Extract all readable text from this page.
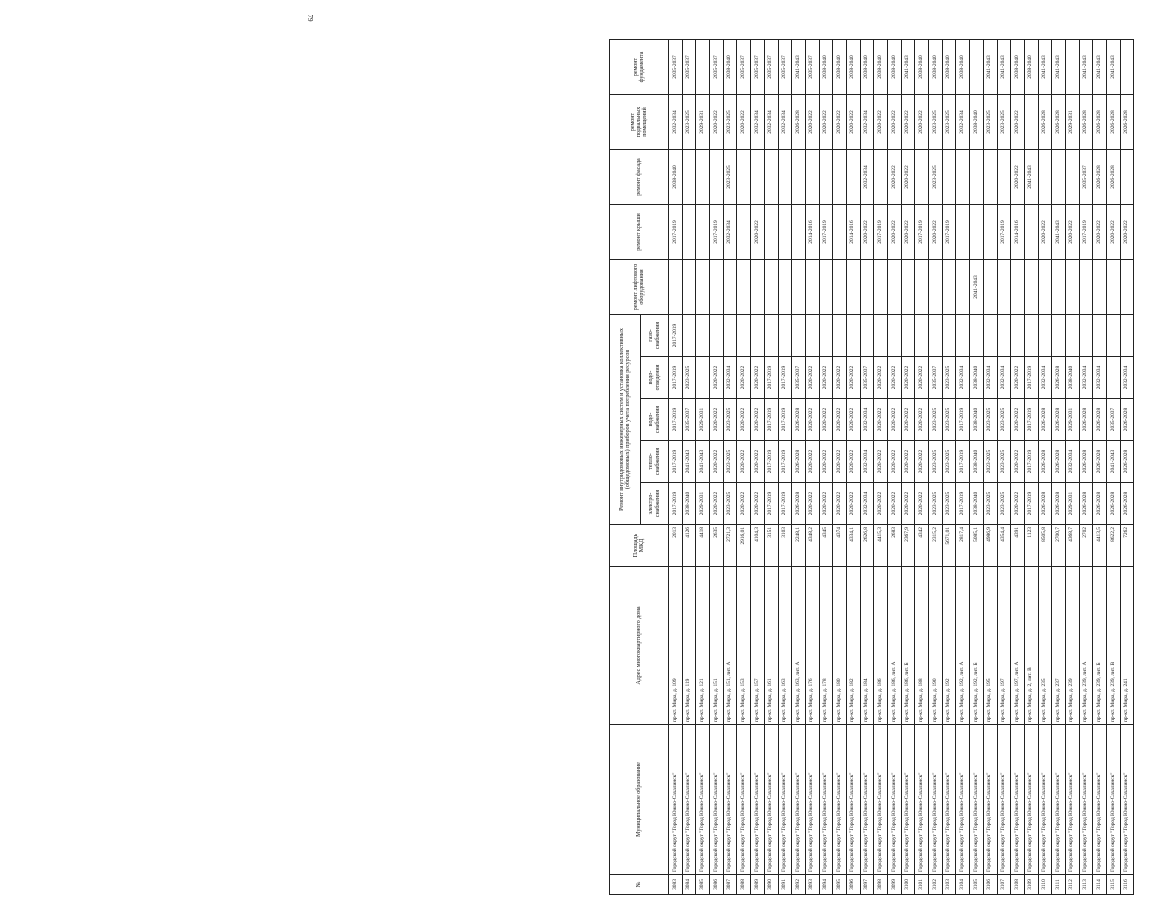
79
№	Муниципальное образование	Адрес многоквартирного дома	Площадь МКД	Ремонт внутридомовых инженерных систем и установка коллективных (общедомовых) приборов учета потребления ресурсов					ремонт лифтового оборудования	ремонт крыши	ремонт фасада	ремонт подвальных помещений	ремонт фундамента
				электро-снабжения	тепло-снабжения	водо-снабжения	водо-отведения	газо-снабжения					
3083	Городской округ "Город Южно-Сахалинск"	пр-кт. Мира, д. 109	2013	2017-2019	2017-2019	2017-2019	2017-2019	2017-2019		2017-2019	2038-2040	2032-2034	2035-2037
3084	Городской округ "Город Южно-Сахалинск"	пр-кт. Мира, д. 119	4126	2038-2040	2041-2043	2035-2037	2023-2025					2023-2025	2035-2037
3085	Городской округ "Город Южно-Сахалинск"	пр-кт. Мира, д. 121	4418	2029-2031	2041-2043	2029-2031						2029-2031	
3086	Городской округ "Город Южно-Сахалинск"	пр-кт. Мира, д. 151	2635	2020-2022	2020-2022	2020-2022	2020-2022			2017-2019		2020-2022	2035-2037
3087	Городской округ "Город Южно-Сахалинск"	пр-кт. Мира, д. 151, лит. А	2721,3	2023-2025	2023-2025	2023-2025	2032-2034			2032-2034	2023-2025	2023-2025	2038-2040
3088	Городской округ "Город Южно-Сахалинск"	пр-кт. Мира, д. 153	2916,01	2020-2022	2020-2022	2020-2022	2020-2022					2020-2022	2035-2037
3089	Городской округ "Город Южно-Сахалинск"	пр-кт. Мира, д. 157	4104,3	2020-2022	2020-2022	2020-2022	2020-2022			2020-2022		2032-2034	2035-2037
3090	Городской округ "Город Южно-Сахалинск"	пр-кт. Мира, д. 161	3151	2017-2019	2017-2019	2017-2019	2017-2019					2032-2034	2035-2037
3091	Городской округ "Город Южно-Сахалинск"	пр-кт. Мира, д. 163	3103	2017-2019	2017-2019	2017-2019	2017-2019					2032-2034	2035-2037
3092	Городской округ "Город Южно-Сахалинск"	пр-кт. Мира, д. 163, лит. А	2248,1	2026-2028	2026-2028	2026-2028	2035-2037					2026-2028	2041-2043
3093	Городской округ "Город Южно-Сахалинск"	пр-кт. Мира, д. 176	4348,2	2020-2022	2020-2022	2020-2022	2020-2022			2014-2016		2020-2022	2035-2037
3094	Городской округ "Город Южно-Сахалинск"	пр-кт. Мира, д. 178	4345	2020-2022	2020-2022	2020-2022	2020-2022			2017-2019		2020-2022	2038-2040
3095	Городской округ "Город Южно-Сахалинск"	пр-кт. Мира, д. 180	4374	2020-2022	2020-2022	2020-2022	2020-2022					2020-2022	2038-2040
3096	Городской округ "Город Южно-Сахалинск"	пр-кт. Мира, д. 182	4334,1	2020-2022	2020-2022	2020-2022	2020-2022			2014-2016		2020-2022	2038-2040
3097	Городской округ "Город Южно-Сахалинск"	пр-кт. Мира, д. 184	2626,8	2032-2034	2032-2034	2032-2034	2035-2037			2020-2022	2032-2034	2032-2034	2038-2040
3098	Городской округ "Город Южно-Сахалинск"	пр-кт. Мира, д. 186	4415,3	2020-2022	2020-2022	2020-2022	2020-2022			2017-2019		2020-2022	2038-2040
3099	Городской округ "Город Южно-Сахалинск"	пр-кт. Мира, д. 186, лит. А	2683	2020-2022	2020-2022	2020-2022	2020-2022			2020-2022	2020-2022	2020-2022	2038-2040
3100	Городской округ "Город Южно-Сахалинск"	пр-кт. Мира, д. 186, лит. Б	2367,9	2020-2022	2020-2022	2020-2022	2020-2022			2020-2022	2020-2022	2020-2022	2041-2043
3101	Городской округ "Город Южно-Сахалинск"	пр-кт. Мира, д. 188	4342	2020-2022	2020-2022	2020-2022	2020-2022			2017-2019		2020-2022	2038-2040
3102	Городской округ "Город Южно-Сахалинск"	пр-кт. Мира, д. 190	2315,2	2023-2025	2023-2025	2023-2025	2035-2037			2020-2022	2023-2025	2023-2025	2038-2040
3103	Городской округ "Город Южно-Сахалинск"	пр-кт. Мира, д. 192	5671,01	2023-2025	2023-2025	2023-2025	2023-2025			2017-2019		2023-2025	2038-2040
3104	Городской округ "Город Южно-Сахалинск"	пр-кт. Мира, д. 192, лит. А	2817,4	2017-2019	2017-2019	2017-2019	2032-2034					2032-2034	2038-2040
3105	Городской округ "Город Южно-Сахалинск"	пр-кт. Мира, д. 192, лит. Б	5085,1	2038-2040	2038-2040	2038-2040	2038-2040		2041-2043			2038-2040	
3106	Городской округ "Город Южно-Сахалинск"	пр-кт. Мира, д. 195	4986,9	2023-2025	2023-2025	2023-2025	2032-2034					2023-2025	2041-2043
3107	Городской округ "Город Южно-Сахалинск"	пр-кт. Мира, д. 197	4354,4	2023-2025	2023-2025	2023-2025	2032-2034			2017-2019		2023-2025	2041-2043
3108	Городской округ "Город Южно-Сахалинск"	пр-кт. Мира, д. 197, лит. А	4391	2020-2022	2020-2022	2020-2022	2020-2022			2014-2016	2020-2022	2020-2022	2038-2040
3109	Городской округ "Город Южно-Сахалинск"	пр-кт. Мира, д. 2, лит. В	1123	2017-2019	2017-2019	2017-2019	2017-2019				2041-2043		2038-2040
3110	Городской округ "Город Южно-Сахалинск"	пр-кт. Мира, д. 235	8505,8	2026-2028	2026-2028	2026-2028	2032-2034			2020-2022		2026-2028	2041-2043
3111	Городской округ "Город Южно-Сахалинск"	пр-кт. Мира, д. 237	2700,7	2026-2028	2026-2028	2026-2028	2026-2028			2041-2043		2026-2028	2041-2043
3112	Городской округ "Город Южно-Сахалинск"	пр-кт. Мира, д. 239	4368,7	2029-2031	2032-2034	2029-2031	2038-2040			2020-2022		2029-2031	
3113	Городской округ "Город Южно-Сахалинск"	пр-кт. Мира, д. 239, лит. А	2702	2026-2028	2026-2028	2026-2028	2032-2034			2017-2019	2035-2037	2026-2028	2041-2043
3114	Городской округ "Город Южно-Сахалинск"	пр-кт. Мира, д. 239, лит. Б	4413,5	2026-2028	2026-2028	2026-2028	2032-2034			2020-2022	2026-2028	2026-2028	2041-2043
3115	Городской округ "Город Южно-Сахалинск"	пр-кт. Мира, д. 239, лит. В	8622,2	2026-2028	2041-2043	2035-2037				2020-2022	2026-2028	2026-2028	2041-2043
3116	Городской округ "Город Южно-Сахалинск"	пр-кт. Мира, д. 241	7262	2026-2028	2026-2028	2026-2028	2032-2034			2020-2022		2026-2028	
